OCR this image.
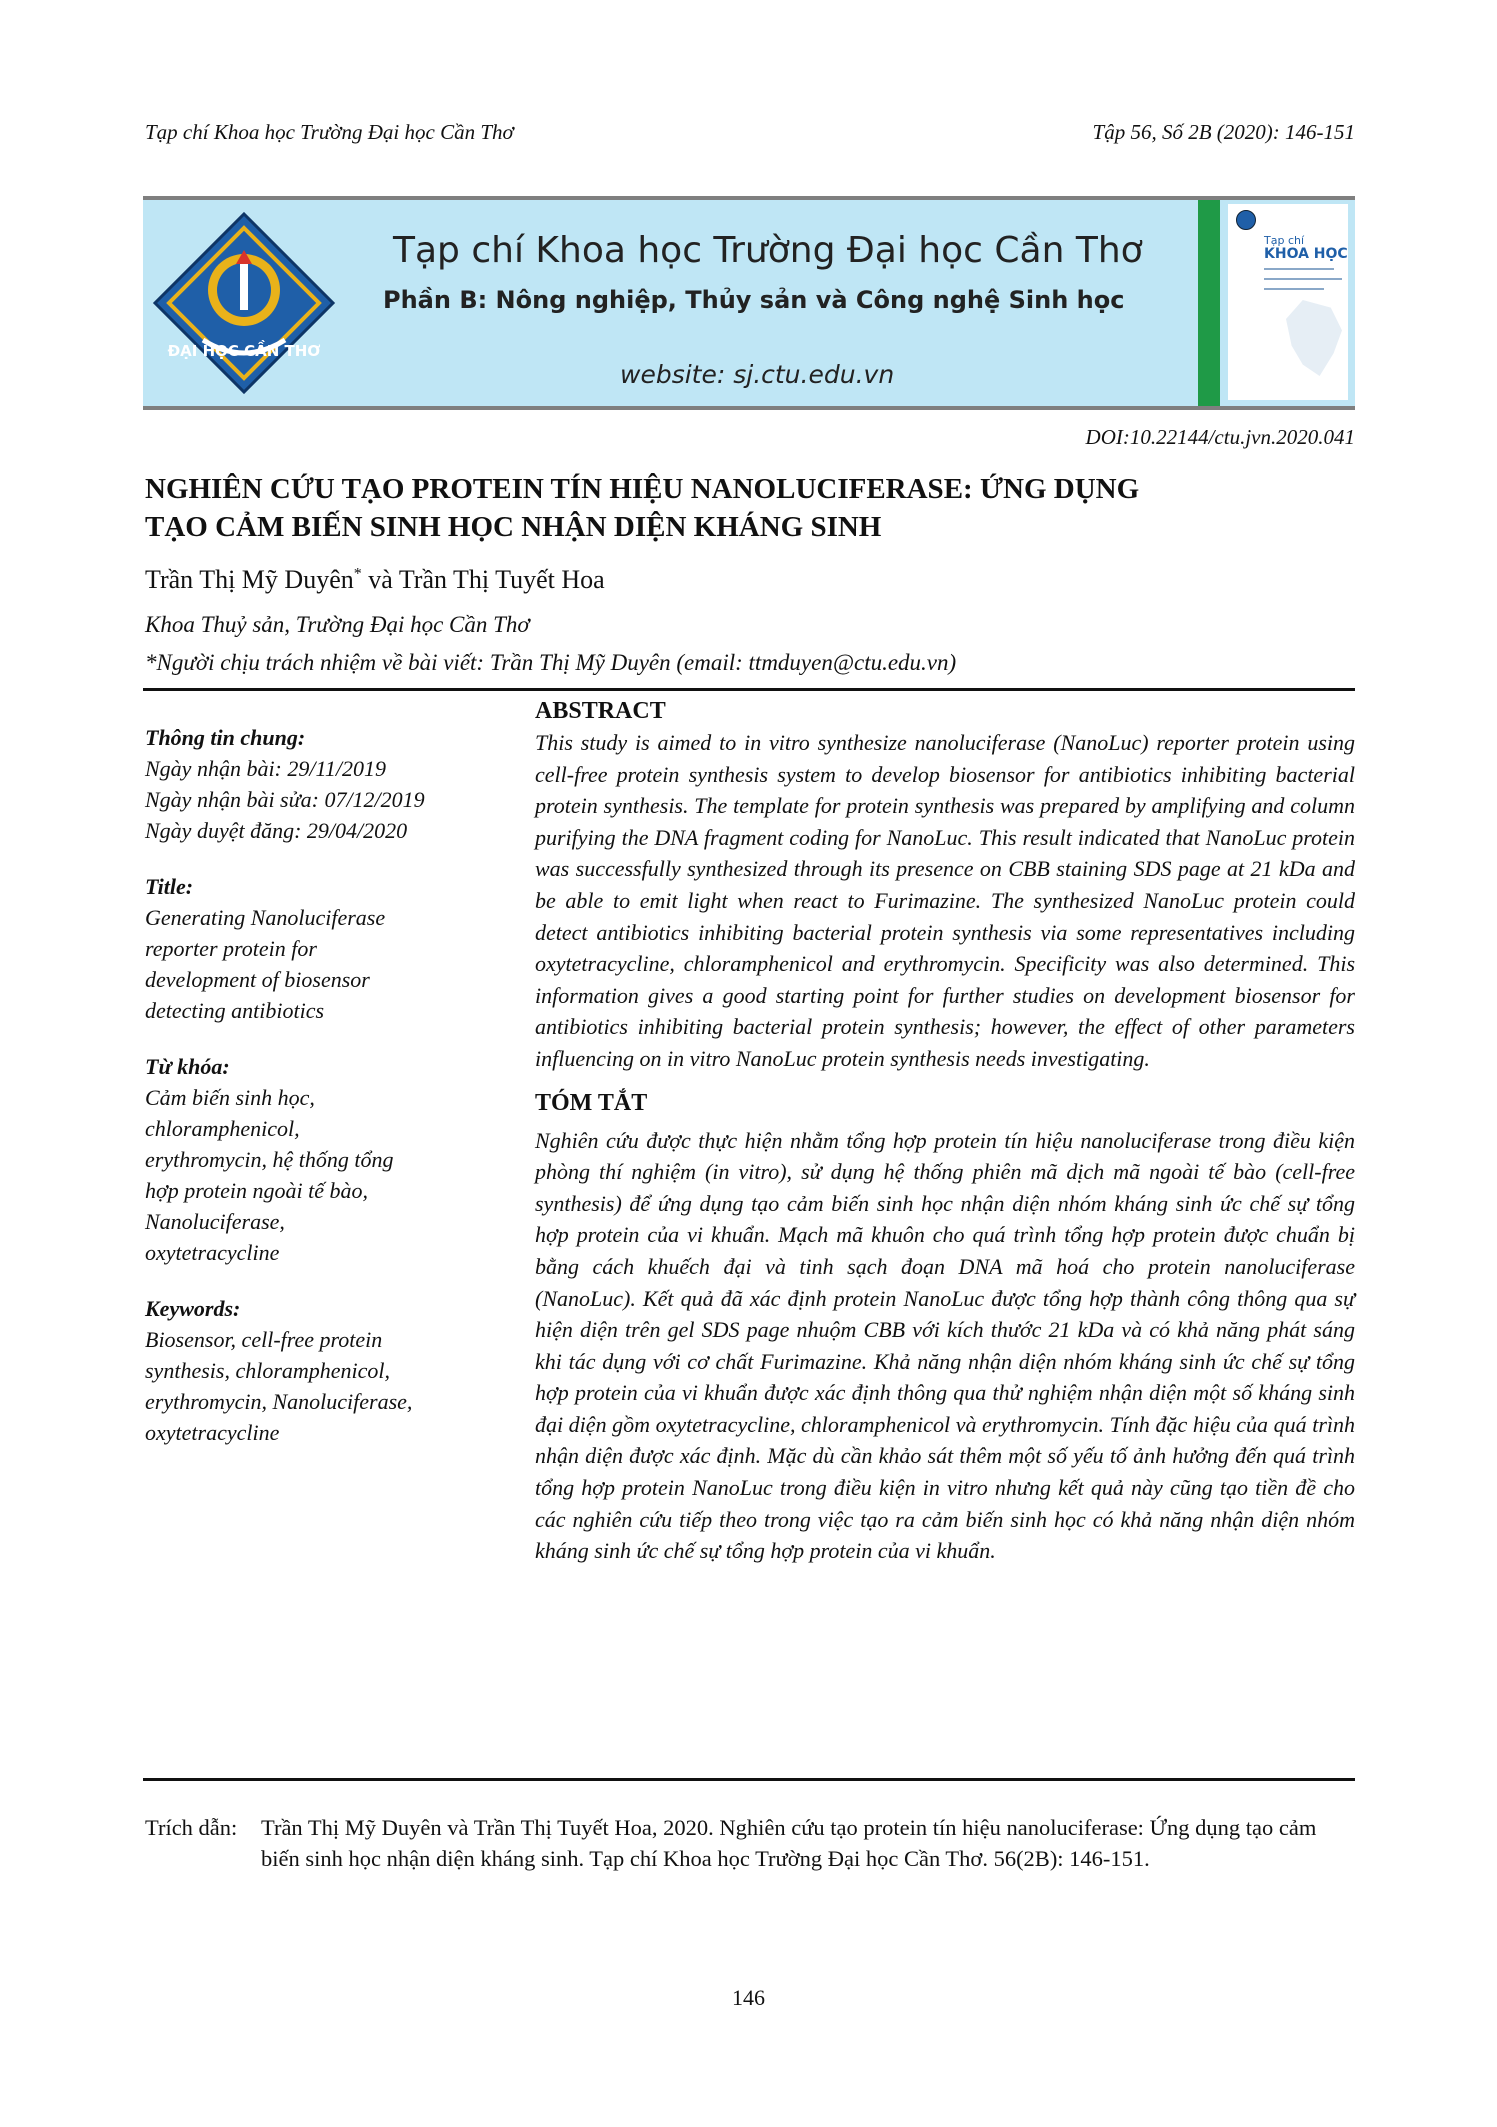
Tạp chí Khoa học Trường Đại học Cần Thơ	Tập 56, Số 2B (2020): 146-151
ĐẠI HỌC CẦN THƠ
Tạp chí Khoa học Trường Đại học Cần Thơ
Phần B: Nông nghiệp, Thủy sản và Công nghệ Sinh học
website: sj.ctu.edu.vn
Tạp chí
KHOA HỌC
DOI:10.22144/ctu.jvn.2020.041
NGHIÊN CỨU TẠO PROTEIN TÍN HIỆU NANOLUCIFERASE: ỨNG DỤNG
TẠO CẢM BIẾN SINH HỌC NHẬN DIỆN KHÁNG SINH
Trần Thị Mỹ Duyên* và Trần Thị Tuyết Hoa
Khoa Thuỷ sản, Trường Đại học Cần Thơ
*Người chịu trách nhiệm về bài viết: Trần Thị Mỹ Duyên (email: ttmduyen@ctu.edu.vn)
Thông tin chung:
Ngày nhận bài: 29/11/2019
Ngày nhận bài sửa: 07/12/2019
Ngày duyệt đăng: 29/04/2020
Title:
Generating Nanoluciferase
reporter protein for
development of biosensor
detecting antibiotics
Từ khóa:
Cảm biến sinh học,
chloramphenicol,
erythromycin, hệ thống tổng
hợp protein ngoài tế bào,
Nanoluciferase,
oxytetracycline
Keywords:
Biosensor, cell-free protein
synthesis, chloramphenicol,
erythromycin, Nanoluciferase,
oxytetracycline
ABSTRACT

This study is aimed to in vitro synthesize nanoluciferase (NanoLuc) reporter protein using cell-free protein synthesis system to develop biosensor for antibiotics inhibiting bacterial protein synthesis. The template for protein synthesis was prepared by amplifying and column purifying the DNA fragment coding for NanoLuc. This result indicated that NanoLuc protein was successfully synthesized through its presence on CBB staining SDS page at 21 kDa and be able to emit light when react to Furimazine. The synthesized NanoLuc protein could detect antibiotics inhibiting bacterial protein synthesis via some representatives including oxytetracycline, chloramphenicol and erythromycin. Specificity was also determined. This information gives a good starting point for further studies on development biosensor for antibiotics inhibiting bacterial protein synthesis; however, the effect of other parameters influencing on in vitro NanoLuc protein synthesis needs investigating.

TÓM TẮT

Nghiên cứu được thực hiện nhằm tổng hợp protein tín hiệu nanoluciferase trong điều kiện phòng thí nghiệm (in vitro), sử dụng hệ thống phiên mã dịch mã ngoài tế bào (cell-free synthesis) để ứng dụng tạo cảm biến sinh học nhận diện nhóm kháng sinh ức chế sự tổng hợp protein của vi khuẩn. Mạch mã khuôn cho quá trình tổng hợp protein được chuẩn bị bằng cách khuếch đại và tinh sạch đoạn DNA mã hoá cho protein nanoluciferase (NanoLuc). Kết quả đã xác định protein NanoLuc được tổng hợp thành công thông qua sự hiện diện trên gel SDS page nhuộm CBB với kích thước 21 kDa và có khả năng phát sáng khi tác dụng với cơ chất Furimazine. Khả năng nhận diện nhóm kháng sinh ức chế sự tổng hợp protein của vi khuẩn được xác định thông qua thử nghiệm nhận diện một số kháng sinh đại diện gồm oxytetracycline, chloramphenicol và erythromycin. Tính đặc hiệu của quá trình nhận diện được xác định. Mặc dù cần khảo sát thêm một số yếu tố ảnh hưởng đến quá trình tổng hợp protein NanoLuc trong điều kiện in vitro nhưng kết quả này cũng tạo tiền đề cho các nghiên cứu tiếp theo trong việc tạo ra cảm biến sinh học có khả năng nhận diện nhóm kháng sinh ức chế sự tổng hợp protein của vi khuẩn.

Trích dẫn: Trần Thị Mỹ Duyên và Trần Thị Tuyết Hoa, 2020. Nghiên cứu tạo protein tín hiệu nanoluciferase: Ứng dụng tạo cảm biến sinh học nhận diện kháng sinh. Tạp chí Khoa học Trường Đại học Cần Thơ. 56(2B): 146-151.
146
